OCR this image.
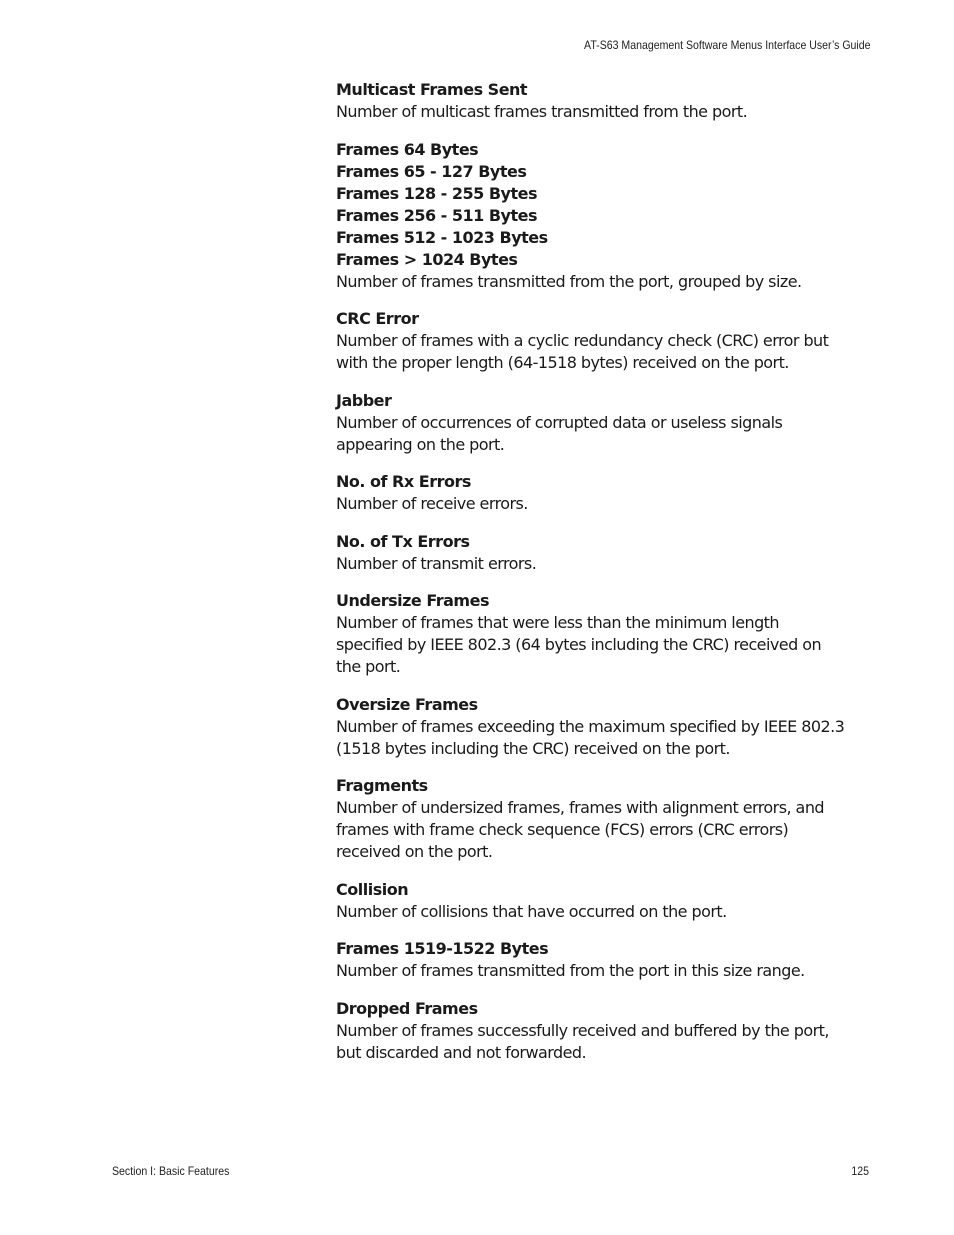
AT-S63 Management Software Menus Interface User’s Guide
Multicast Frames Sent
Number of multicast frames transmitted from the port.
Frames 64 Bytes
Frames 65 - 127 Bytes
Frames 128 - 255 Bytes
Frames 256 - 511 Bytes
Frames 512 - 1023 Bytes
Frames > 1024 Bytes
Number of frames transmitted from the port, grouped by size.
CRC Error
Number of frames with a cyclic redundancy check (CRC) error but with the proper length (64-1518 bytes) received on the port.
Jabber
Number of occurrences of corrupted data or useless signals appearing on the port.
No. of Rx Errors
Number of receive errors.
No. of Tx Errors
Number of transmit errors.
Undersize Frames
Number of frames that were less than the minimum length specified by IEEE 802.3 (64 bytes including the CRC) received on the port.
Oversize Frames
Number of frames exceeding the maximum specified by IEEE 802.3 (1518 bytes including the CRC) received on the port.
Fragments
Number of undersized frames, frames with alignment errors, and frames with frame check sequence (FCS) errors (CRC errors) received on the port.
Collision
Number of collisions that have occurred on the port.
Frames 1519-1522 Bytes
Number of frames transmitted from the port in this size range.
Dropped Frames
Number of frames successfully received and buffered by the port, but discarded and not forwarded.
Section I: Basic Features	125
